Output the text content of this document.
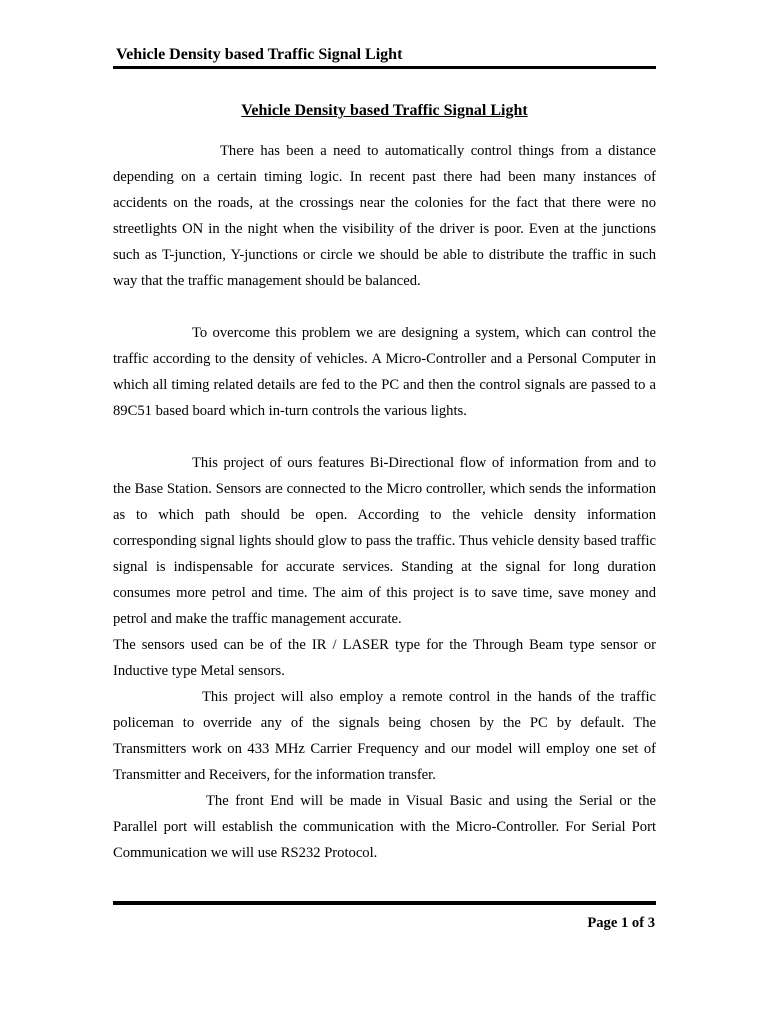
Vehicle Density based Traffic Signal Light
Vehicle Density based Traffic Signal Light

There has been a need to automatically control things from a distance depending on a certain timing logic. In recent past there had been many instances of accidents on the roads, at the crossings near the colonies for the fact that there were no streetlights ON in the night when the visibility of the driver is poor. Even at the junctions such as T-junction, Y-junctions or circle we should be able to distribute the traffic in such way that the traffic management should be balanced.

To overcome this problem we are designing a system, which can control the traffic according to the density of vehicles. A Micro-Controller and a Personal Computer in which all timing related details are fed to the PC and then the control signals are passed to a 89C51 based board which in-turn controls the various lights.

This project of ours features Bi-Directional flow of information from and to the Base Station. Sensors are connected to the Micro controller, which sends the information as to which path should be open. According to the vehicle density information corresponding signal lights should glow to pass the traffic. Thus vehicle density based traffic signal is indispensable for accurate services. Standing at the signal for long duration consumes more petrol and time. The aim of this project is to save time, save money and petrol and make the traffic management accurate.

The sensors used can be of the IR / LASER type for the Through Beam type sensor or Inductive type Metal sensors.

This project will also employ a remote control in the hands of the traffic policeman to override any of the signals being chosen by the PC by default. The Transmitters work on 433 MHz Carrier Frequency and our model will employ one set of Transmitter and Receivers, for the information transfer.

The front End will be made in Visual Basic and using the Serial or the Parallel port will establish the communication with the Micro-Controller. For Serial Port Communication we will use RS232 Protocol.

Page 1 of 3
